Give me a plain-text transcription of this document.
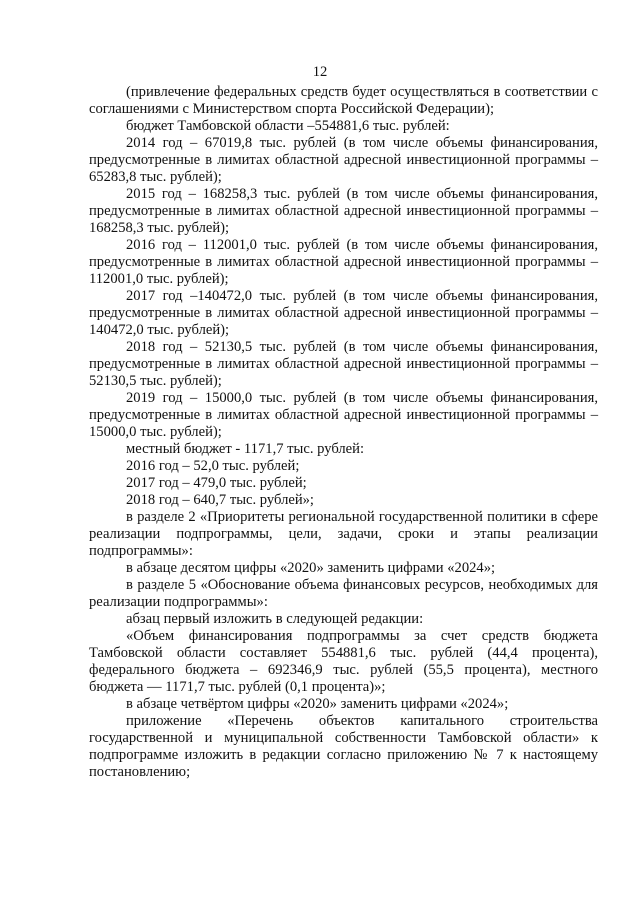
12

(привлечение федеральных средств будет осуществляться в соответствии с соглашениями с Министерством спорта Российской Федерации);

бюджет Тамбовской области –554881,6 тыс. рублей:

2014 год – 67019,8 тыс. рублей (в том числе объемы финансирования, предусмотренные в лимитах областной адресной инвестиционной программы – 65283,8 тыс. рублей);

2015 год – 168258,3 тыс. рублей (в том числе объемы финансирования, предусмотренные в лимитах областной адресной инвестиционной программы – 168258,3 тыс. рублей);

2016 год – 112001,0 тыс. рублей (в том числе объемы финансирования, предусмотренные в лимитах областной адресной инвестиционной программы – 112001,0 тыс. рублей);

2017 год –140472,0 тыс. рублей (в том числе объемы финансирования, предусмотренные в лимитах областной адресной инвестиционной программы – 140472,0 тыс. рублей);

2018 год – 52130,5 тыс. рублей (в том числе объемы финансирования, предусмотренные в лимитах областной адресной инвестиционной программы – 52130,5 тыс. рублей);

2019 год – 15000,0 тыс. рублей (в том числе объемы финансирования, предусмотренные в лимитах областной адресной инвестиционной программы – 15000,0 тыс. рублей);

местный бюджет - 1171,7 тыс. рублей:

2016 год – 52,0 тыс. рублей;

2017 год – 479,0 тыс. рублей;

2018 год – 640,7 тыс. рублей»;

в разделе 2 «Приоритеты региональной государственной политики в сфере реализации подпрограммы, цели, задачи, сроки и этапы реализации подпрограммы»:

в абзаце десятом цифры «2020» заменить цифрами «2024»;

в разделе 5 «Обоснование объема финансовых ресурсов, необходимых для реализации подпрограммы»:

абзац первый изложить в следующей редакции:

«Объем финансирования подпрограммы за счет средств бюджета Тамбовской области составляет 554881,6 тыс. рублей (44,4 процента), федерального бюджета – 692346,9 тыс. рублей (55,5 процента), местного бюджета — 1171,7 тыс. рублей (0,1 процента)»;

в абзаце четвёртом цифры «2020» заменить цифрами «2024»;

приложение «Перечень объектов капитального строительства государственной и муниципальной собственности Тамбовской области» к подпрограмме изложить в редакции согласно приложению № 7 к настоящему постановлению;
